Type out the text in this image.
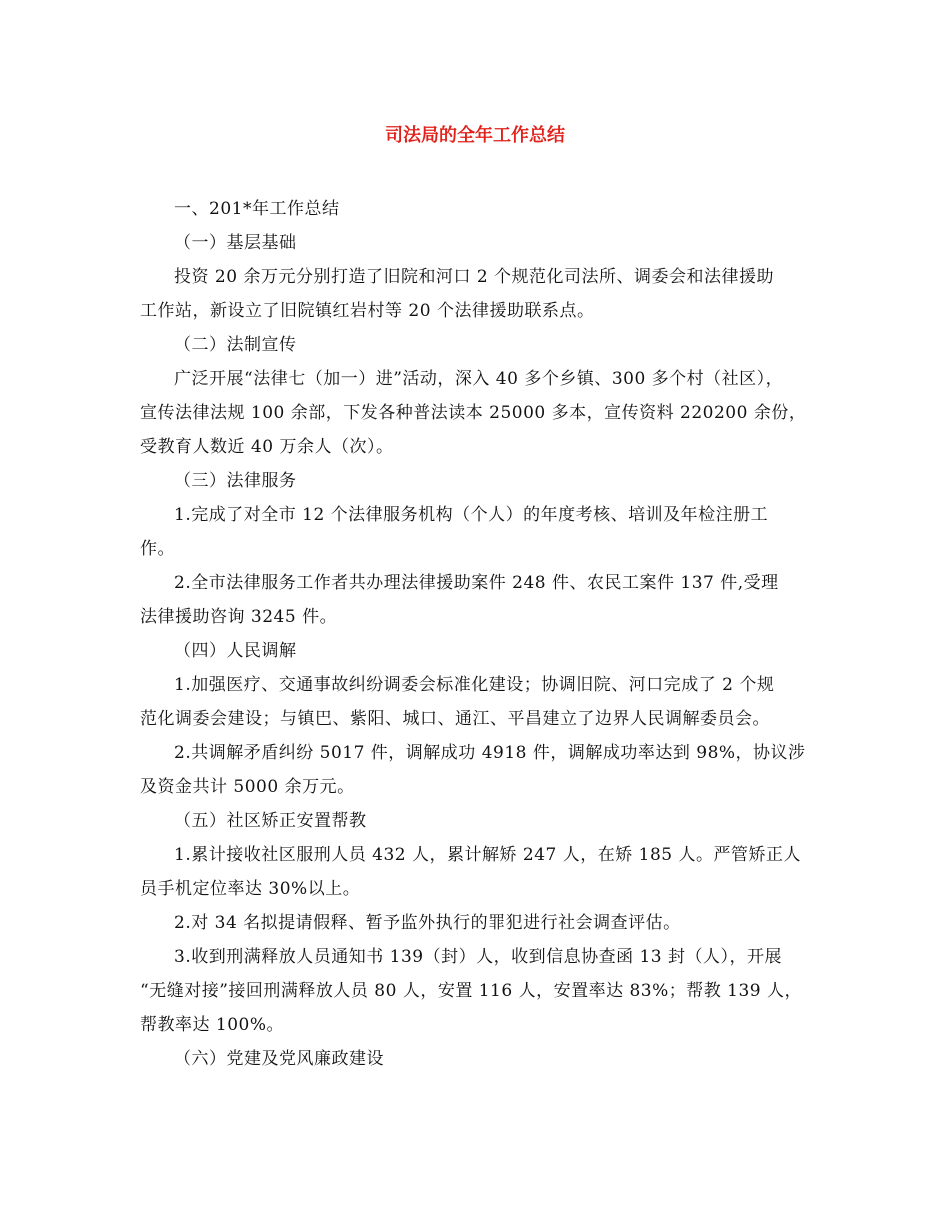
司法局的全年工作总结
一、201*年工作总结
（一）基层基础
投资 20 余万元分别打造了旧院和河口 2 个规范化司法所、调委会和法律援助
工作站，新设立了旧院镇红岩村等 20 个法律援助联系点。
（二）法制宣传
广泛开展“法律七（加一）进”活动，深入 40 多个乡镇、300 多个村（社区），
宣传法律法规 100 余部，下发各种普法读本 25000 多本，宣传资料 220200 余份，
受教育人数近 40 万余人（次）。
（三）法律服务
1.完成了对全市 12 个法律服务机构（个人）的年度考核、培训及年检注册工
作。
2.全市法律服务工作者共办理法律援助案件 248 件、农民工案件 137 件,受理
法律援助咨询 3245 件。
（四）人民调解
1.加强医疗、交通事故纠纷调委会标准化建设；协调旧院、河口完成了 2 个规
范化调委会建设；与镇巴、紫阳、城口、通江、平昌建立了边界人民调解委员会。
2.共调解矛盾纠纷 5017 件，调解成功 4918 件，调解成功率达到 98%，协议涉
及资金共计 5000 余万元。
（五）社区矫正安置帮教
1.累计接收社区服刑人员 432 人，累计解矫 247 人，在矫 185 人。严管矫正人
员手机定位率达 30%以上。
2.对 34 名拟提请假释、暂予监外执行的罪犯进行社会调查评估。
3.收到刑满释放人员通知书 139（封）人，收到信息协查函 13 封（人），开展
“无缝对接”接回刑满释放人员 80 人，安置 116 人，安置率达 83%；帮教 139 人，
帮教率达 100%。
（六）党建及党风廉政建设
